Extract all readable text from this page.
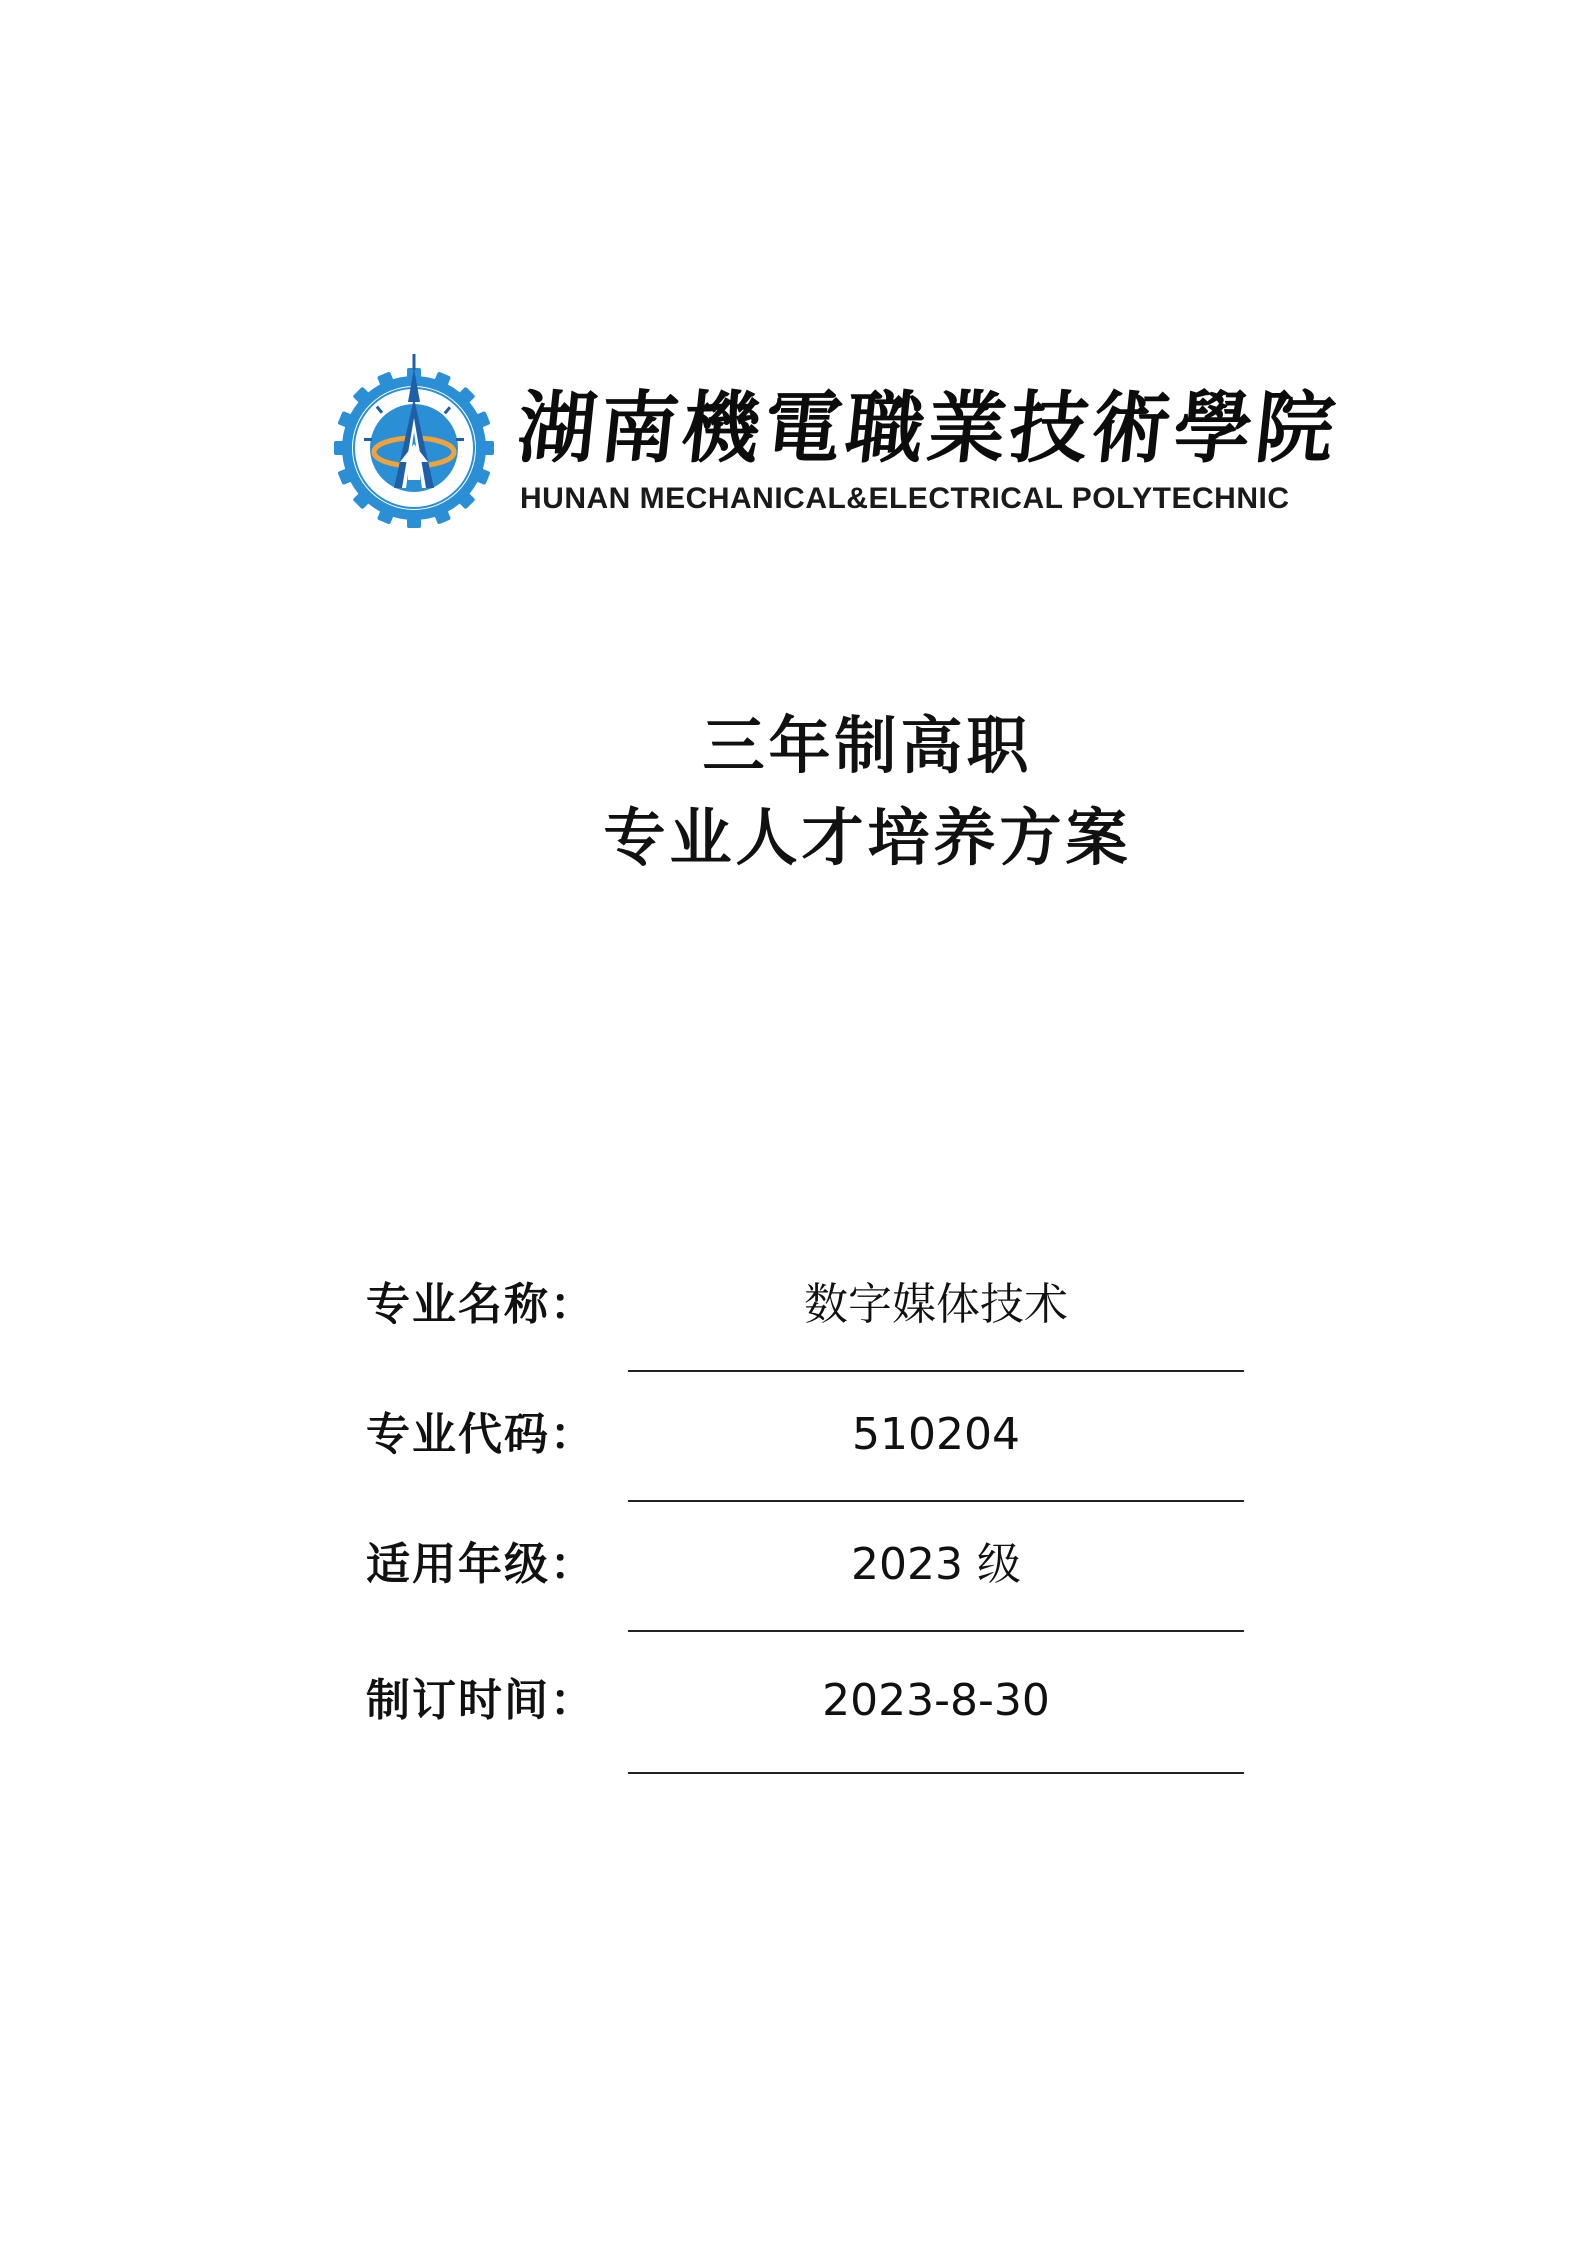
湖南機電職業技術學院
HUNAN MECHANICAL&ELECTRICAL POLYTECHNIC
三年制高职
专业人才培养方案
专业名称：	数字媒体技术
专业代码：	510204
适用年级：	2023 级
制订时间：	2023-8-30
